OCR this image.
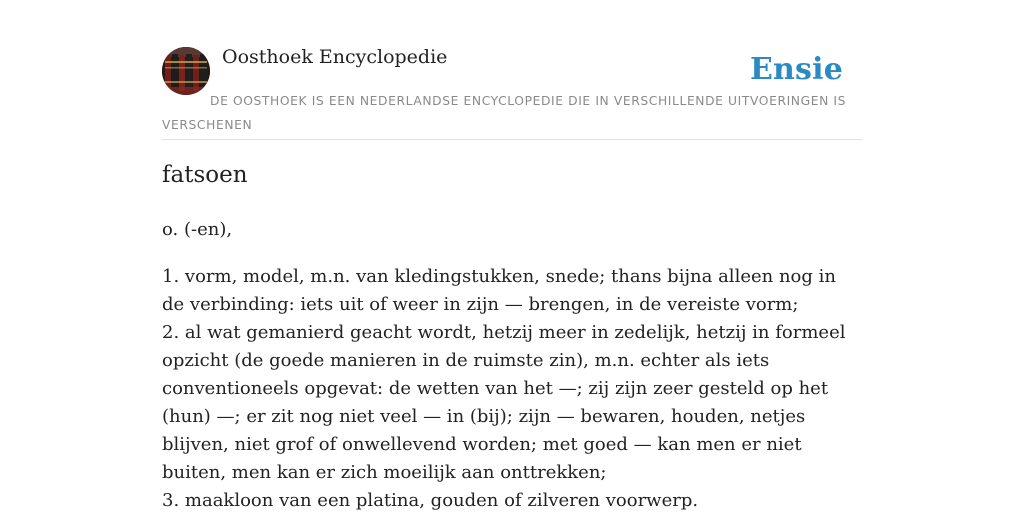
Oosthoek Encyclopedie	Ensie
DE OOSTHOEK IS EEN NEDERLANDSE ENCYCLOPEDIE DIE IN VERSCHILLENDE UITVOERINGEN IS VERSCHENEN
fatsoen

o. (-en),

1. vorm, model, m.n. van kledingstukken, snede; thans bijna alleen nog in de verbinding: iets uit of weer in zijn — brengen, in de vereiste vorm;
2. al wat gemanierd geacht wordt, hetzij meer in zedelijk, hetzij in formeel opzicht (de goede manieren in de ruimste zin), m.n. echter als iets conventioneels opgevat: de wetten van het —; zij zijn zeer gesteld op het (hun) —; er zit nog niet veel — in (bij); zijn — bewaren, houden, netjes blijven, niet grof of onwellevend worden; met goed — kan men er niet buiten, men kan er zich moeilijk aan onttrekken;
3. maakloon van een platina, gouden of zilveren voorwerp.
